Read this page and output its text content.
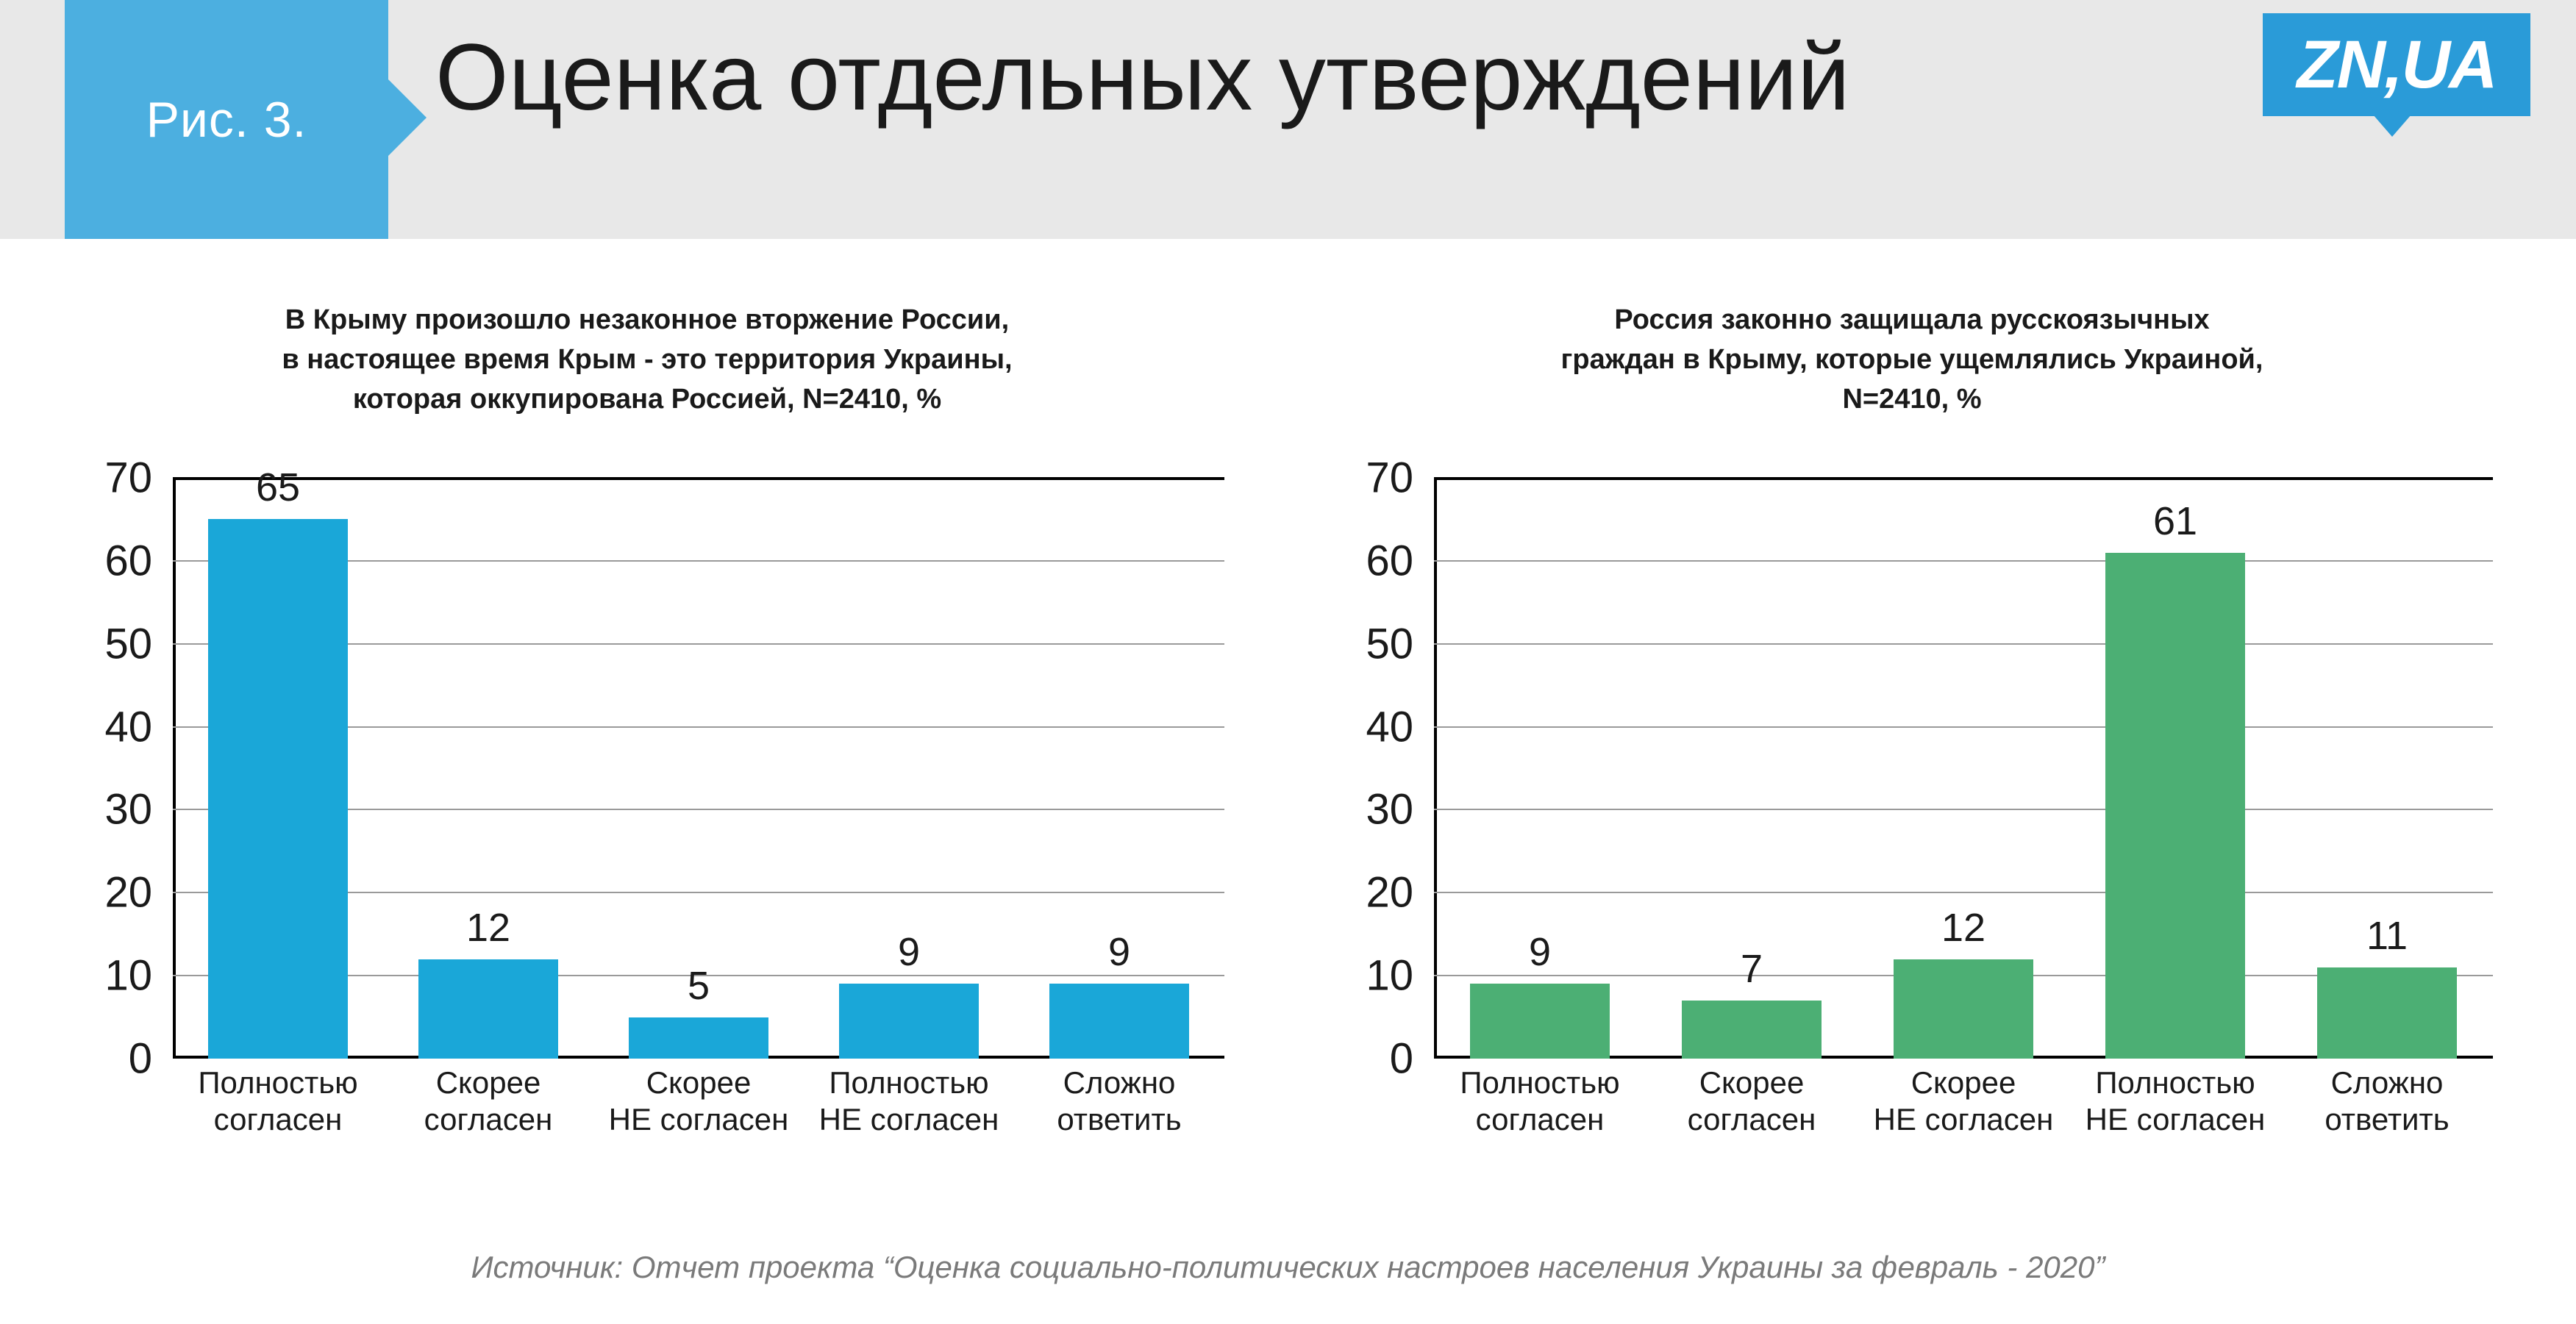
Рис. 3.	Оценка отдельных утверждений	ZN,UA
В Крыму произошло незаконное вторжение России,
в настоящее время Крым - это территория Украины,
которая оккупирована Россией, N=2410, %
0
10
20
30
40
50
60
70	65
12
5
9	9
Полностью
согласен
Скорее
согласен
Скорее
НЕ согласен
Полностью
НЕ согласен
Сложно
ответить
Россия законно защищала русскоязычных
граждан в Крыму, которые ущемлялись Украиной,
N=2410, %
0
10
20
30
40
50
60
70
9	7
12
61
11
Полностью
согласен
Скорее
согласен
Скорее
НЕ согласен
Полностью
НЕ согласен
Сложно
ответить
Источник: Отчет проекта “Оценка социально-политических настроев населения Украины за февраль - 2020”
